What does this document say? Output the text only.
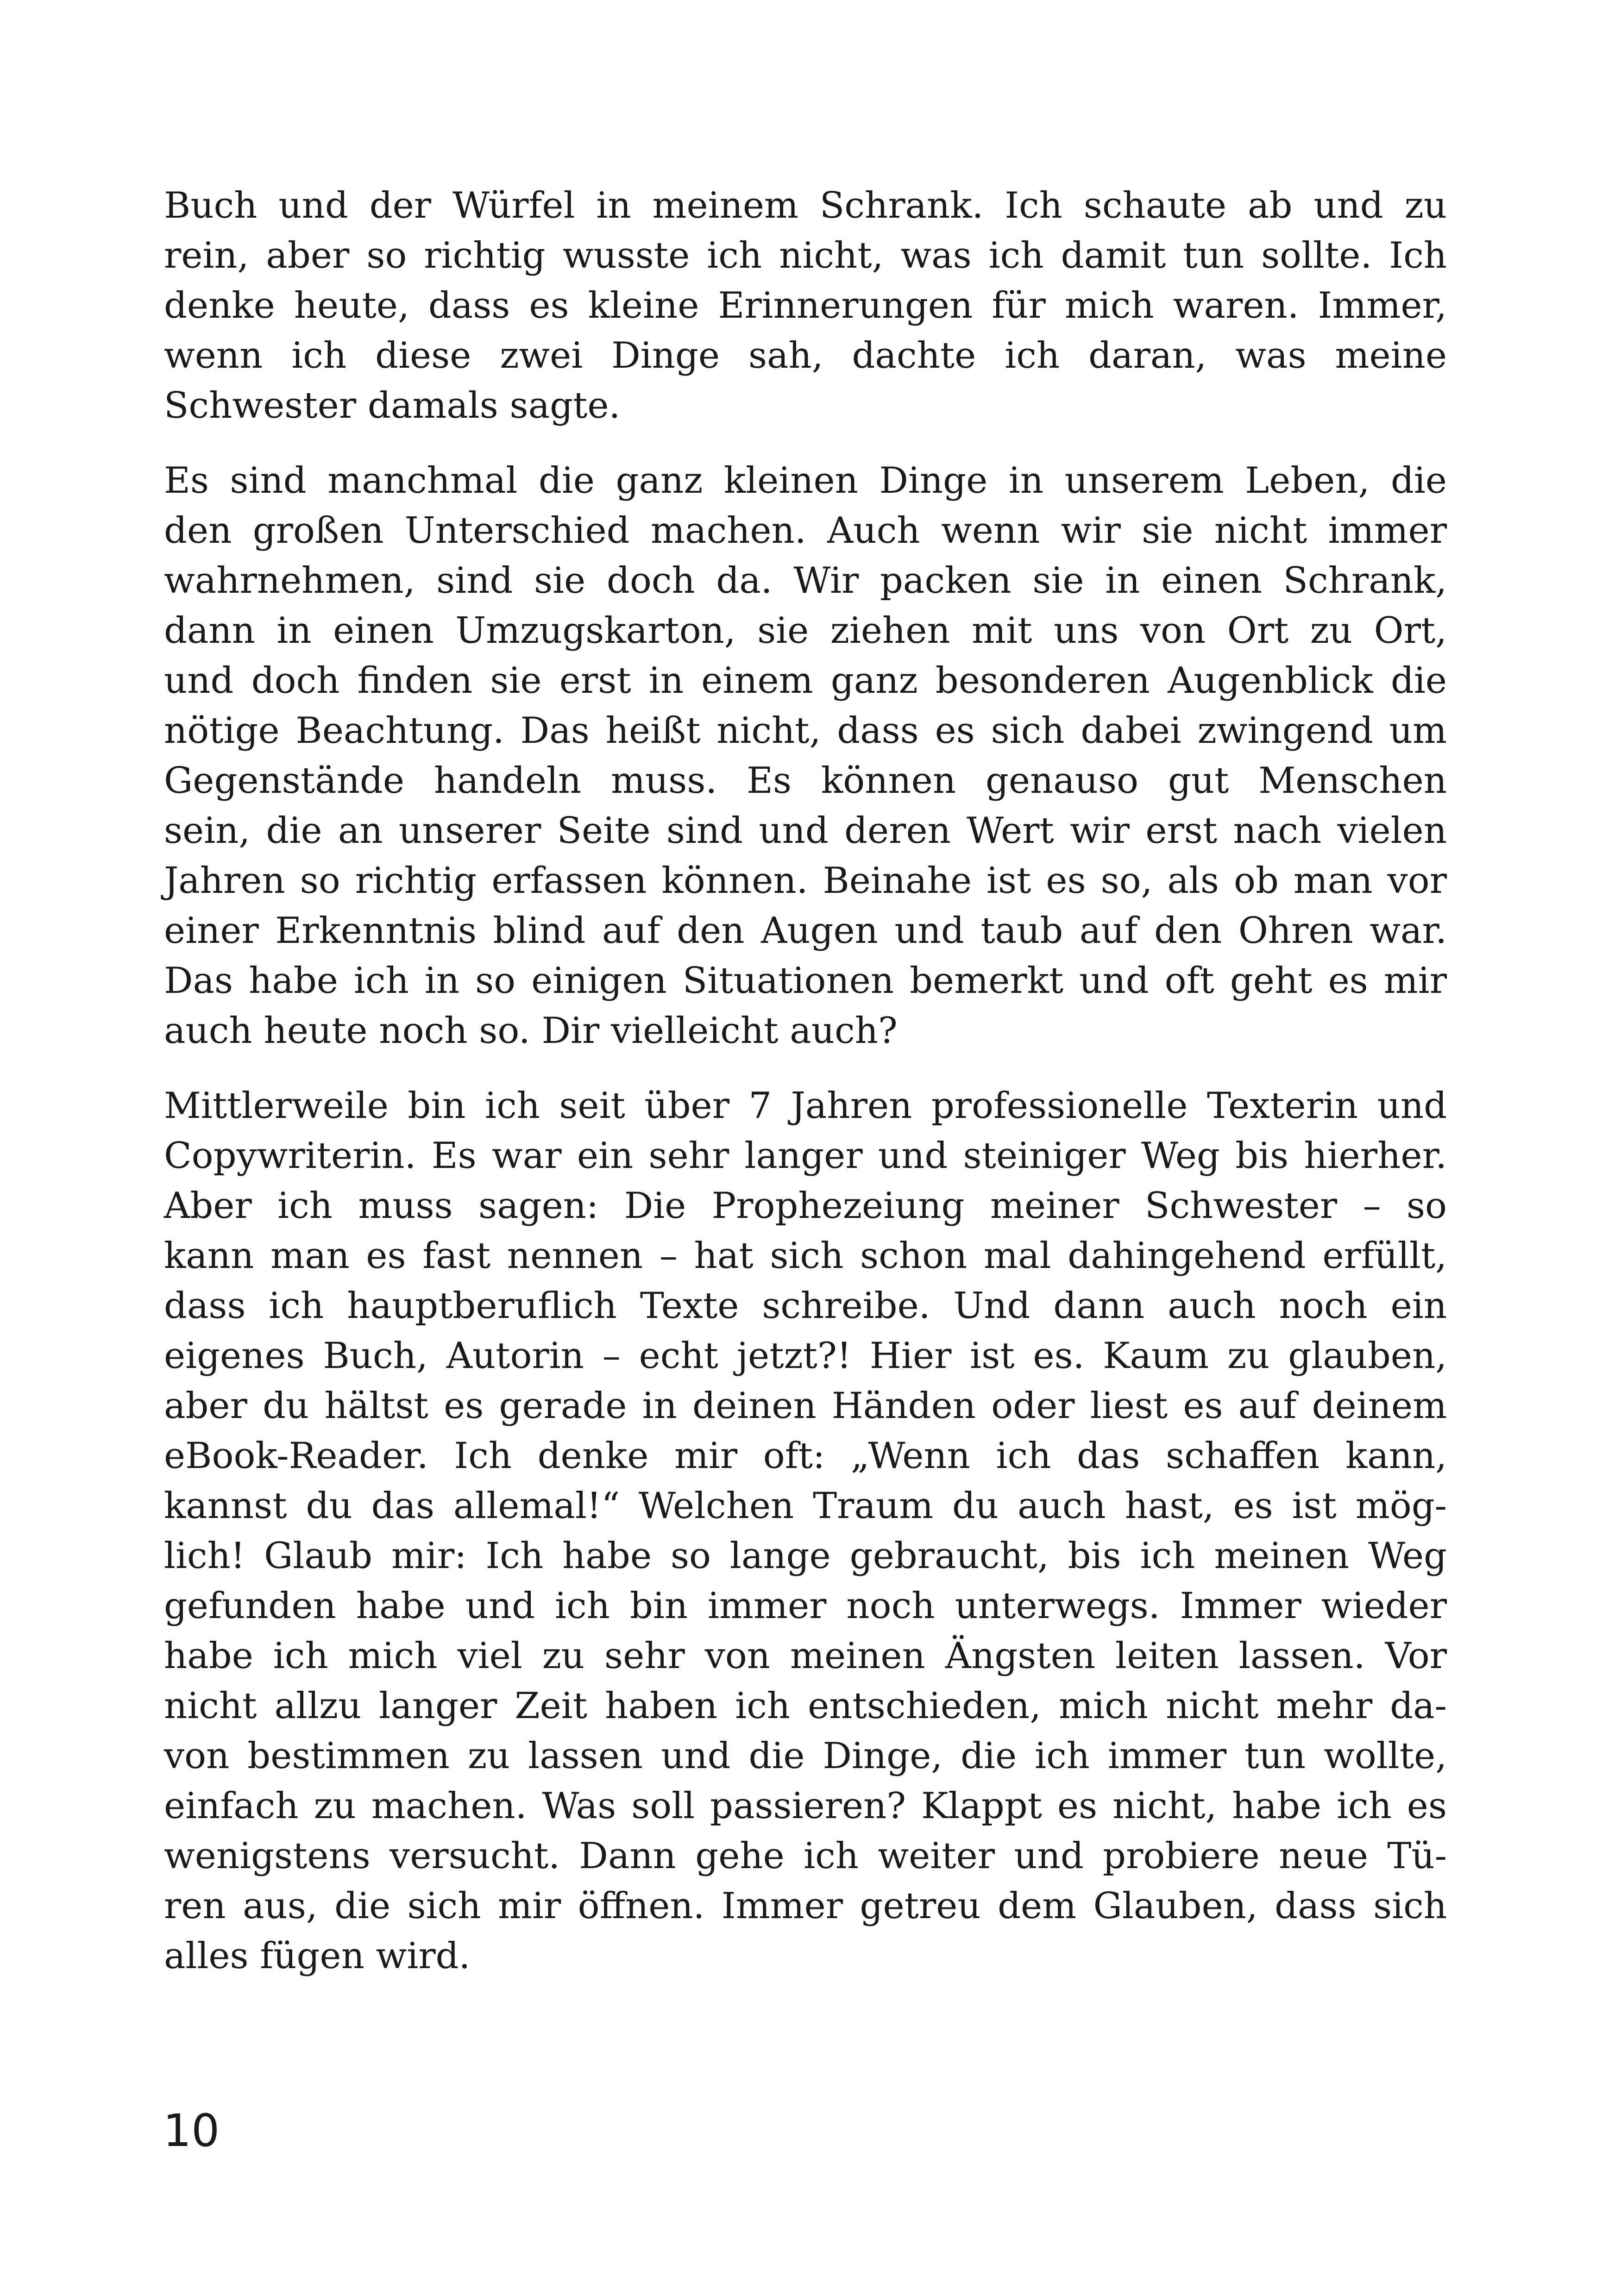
Buch und der Würfel in meinem Schrank. Ich schaute ab und zu
rein, aber so richtig wusste ich nicht, was ich damit tun sollte. Ich
denke heute, dass es kleine Erinnerungen für mich waren. Immer,
wenn ich diese zwei Dinge sah, dachte ich daran, was meine
Schwester damals sagte.

Es sind manchmal die ganz kleinen Dinge in unserem Leben, die
den großen Unterschied machen. Auch wenn wir sie nicht immer
wahrnehmen, sind sie doch da. Wir packen sie in einen Schrank,
dann in einen Umzugskarton, sie ziehen mit uns von Ort zu Ort,
und doch finden sie erst in einem ganz besonderen Augenblick die
nötige Beachtung. Das heißt nicht, dass es sich dabei zwingend um
Gegenstände handeln muss. Es können genauso gut Menschen
sein, die an unserer Seite sind und deren Wert wir erst nach vielen
Jahren so richtig erfassen können. Beinahe ist es so, als ob man vor
einer Erkenntnis blind auf den Augen und taub auf den Ohren war.
Das habe ich in so einigen Situationen bemerkt und oft geht es mir
auch heute noch so. Dir vielleicht auch?

Mittlerweile bin ich seit über 7 Jahren professionelle Texterin und
Copywriterin. Es war ein sehr langer und steiniger Weg bis hierher.
Aber ich muss sagen: Die Prophezeiung meiner Schwester – so
kann man es fast nennen – hat sich schon mal dahingehend erfüllt,
dass ich hauptberuflich Texte schreibe. Und dann auch noch ein
eigenes Buch, Autorin – echt jetzt?! Hier ist es. Kaum zu glauben,
aber du hältst es gerade in deinen Händen oder liest es auf deinem
eBook-Reader. Ich denke mir oft: „Wenn ich das schaffen kann,
kannst du das allemal!“ Welchen Traum du auch hast, es ist mög-
lich! Glaub mir: Ich habe so lange gebraucht, bis ich meinen Weg
gefunden habe und ich bin immer noch unterwegs. Immer wieder
habe ich mich viel zu sehr von meinen Ängsten leiten lassen. Vor
nicht allzu langer Zeit haben ich entschieden, mich nicht mehr da-
von bestimmen zu lassen und die Dinge, die ich immer tun wollte,
einfach zu machen. Was soll passieren? Klappt es nicht, habe ich es
wenigstens versucht. Dann gehe ich weiter und probiere neue Tü-
ren aus, die sich mir öffnen. Immer getreu dem Glauben, dass sich
alles fügen wird.

10
